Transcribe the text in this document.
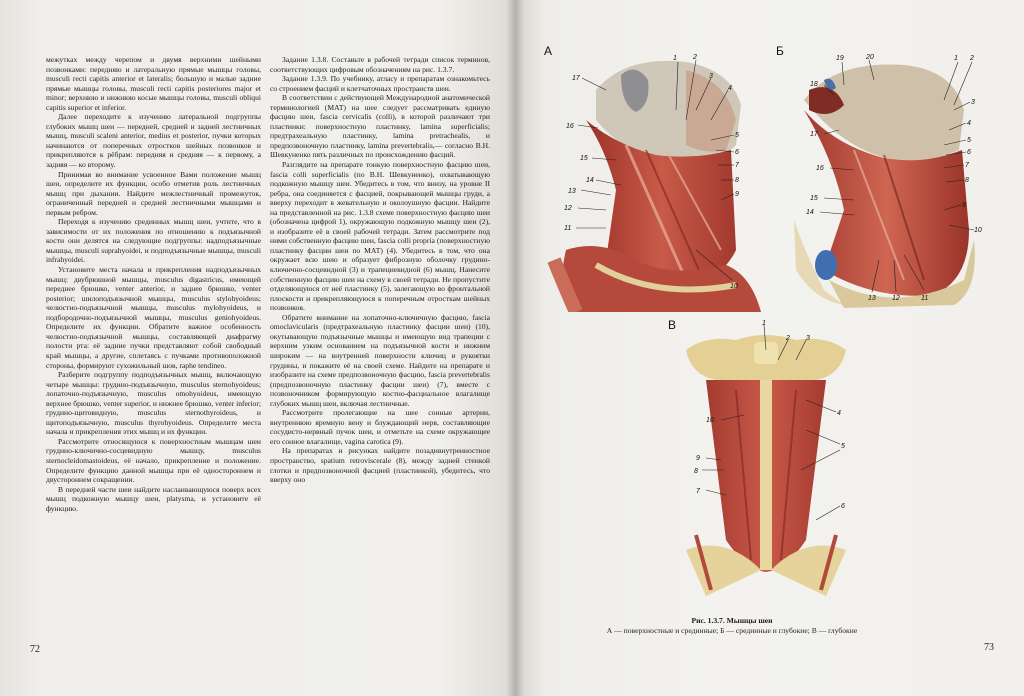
межутках между черепом и двумя верхними шейными позвонками: передняю и латеральную прямые мышцы головы, musculi recti capitis anterior et lateralis; большую и малые задние прямые мышцы головы, musculi recti capitis posteriores major et minor; верхнюю и нижнюю косые мышцы головы, musculi obliqui capitis superior et inferior.

Далее переходите к изучению латеральной подгруппы глубоких мышц шеи — передней, средней и задней лестничных мышц, musculi scaleni anterior, medius et posterior, пучки которых начинаются от поперечных отростков шейных позвонков и прикрепляются к рёбрам: передняя и средняя — к первому, а задняя — ко второму.

Принимая во внимание усвоенное Вами положение мышц шеи, определите их функции, особо отметив роль лестничных мышц при дыхании. Найдите межлестничный промежуток, ограниченный передней и средней лестничными мышцами и первым ребром.

Переходя к изучению срединных мышц шеи, учтите, что в зависимости от их положения по отношению к подъязычной кости они делятся на следующие подгруппы: надподъязычные мышцы, musculi suprahyoidei, и подподъязычные мышцы, musculi infrahyoidei.

Установите места начала и прикрепления надподъязычных мышц: двубрюшной мышцы, musculus digastricus, имеющей переднее брюшко, venter anterior, и заднее брюшко, venter posterior; шилоподъязычной мышцы, musculus stylohyoideus; челюстно-подъязычной мышцы, musculus mylohyoideus, и подбородочно-подъязычной мышцы, musculus geniohyoideus. Определите их функции. Обратите важное особенность челюстно-подъязычной мышцы, составляющей диафрагму полости рта: её задние пучки представляют собой свободный край мышцы, а другие, сплетаясь с пучками противоположной стороны, формируют сухожильный шов, raphe tendineo.

Разберите подгруппу подподъязычных мышц, включающую четыре мышцы: грудино-подъязычную, musculus sternohyoideus; лопаточно-подъязычную, musculus omohyoideus, имеющую верхнее брюшко, venter superior, и нижнее брюшко, venter inferior; грудино-щитовидную, musculus sternothyroideus, и щитоподъязычную, musculus thyrohyoideus. Определите места начала и прикрепления этих мышц и их функции.

Рассмотрите относящуюся к поверхностным мышцам шеи грудино-ключично-сосцевидную мышцу, musculus sternocleidomastoideus, её начало, прикрепление и положение. Определите функцию данной мышцы при её одностороннем и двустороннем сокращении.

В передней части шеи найдите наслаивающуюся поверх всех мышц подкожную мышцу шеи, platysma, и установите её функцию.

Задание 1.3.8. Составьте в рабочей тетради список терминов, соответствующих цифровым обозначениям на рис. 1.3.7.

Задание 1.3.9. По учебнику, атласу и препаратам ознакомьтесь со строением фасций и клетчаточных пространств шеи.

В соответствии с действующей Международной анатомической терминологией (МАТ) на шее следует рассматривать единую фасцию шеи, fascia cervicalis (colli), в которой различают три пластинки: поверхностную пластинку, lamina superficialis; предтрахеальную пластинку, lamina pretrachealis, и предпозвоночную пластинку, lamina prevertebralis,— согласно В.Н. Шевкуненко пять различных по происхождению фасций.

Разглядите на препарате тонкую поверхностную фасцию шеи, fascia colli superficialis (по В.Н. Шевкуненко), охватывающую подкожную мышцу шеи. Убедитесь в том, что внизу, на уровне II ребра, она соединяется с фасцией, покрывающей мышцы груди, а вверху переходит в жевательную и околоушную фасции. Найдите на представленной на рис. 1.3.8 схеме поверхностную фасцию шеи (обозначена цифрой 1), окружающую подкожную мышцу шеи (2), и изобразите её в своей рабочей тетради. Затем рассмотрите под ними собственную фасцию шеи, fascia colli propria (поверхностную пластинку фасции шеи по МАТ) (4). Убедитесь в том, что она окружает всю шею и образует фиброзную оболочку грудино-ключично-сосцевидной (3) и трапециевидной (6) мышц. Нанесите собственную фасцию шеи на схему в своей тетради. Не пропустите отделяющуюся от неё пластинку (5), залегающую во фронтальной плоскости и прикрепляющуюся к поперечным отросткам шейных позвонков.

Обратите внимание на лопаточно-ключичную фасцию, fascia omoclavicularis (предтрахеальную пластинку фасции шеи) (10), окутывающую подъязычные мышцы и имеющую вид трапеции с верхним узким основанием на подъязычной кости и нижним широким — на внутренней поверхности ключиц и рукоятки грудины, и покажите её на своей схеме. Найдите на препарате и изобразите на схеме предпозвоночную фасцию, fascia prevertebralis (предпозвоночную пластинку фасции шеи) (7), вместе с позвоночником формирующую костно-фасциальное влагалище глубоких мышц шеи, включая лестничные.

Рассмотрите пролегающие на шее сонные артерии, внутреннюю яремную вену и блуждающий нерв, составляющие сосудисто-нервный пучок шеи, и отметьте на схеме окружающее его сонное влагалище, vagina carotica (9).

На препаратах и рисунках найдите позадивнутренностное пространство, spatium retroviscerale (8), между задней стенкой глотки и предпозвоночной фасцией (пластинкой), убедитесь, что вверху оно

72
А
1 2
3
4
5
6
7
8
9
10
11
12
13
14
15
16
17
Б
1 2
3
4
5
6
7
8
9
10
11
12
13
14
15
16
17
18
19	20
В	1
2 3
4
5
6
7
8
9
10
Рис. 1.3.7. Мышцы шеи
А — поверхностные и срединные; Б — срединные и глубокие; В — глубокие
73
